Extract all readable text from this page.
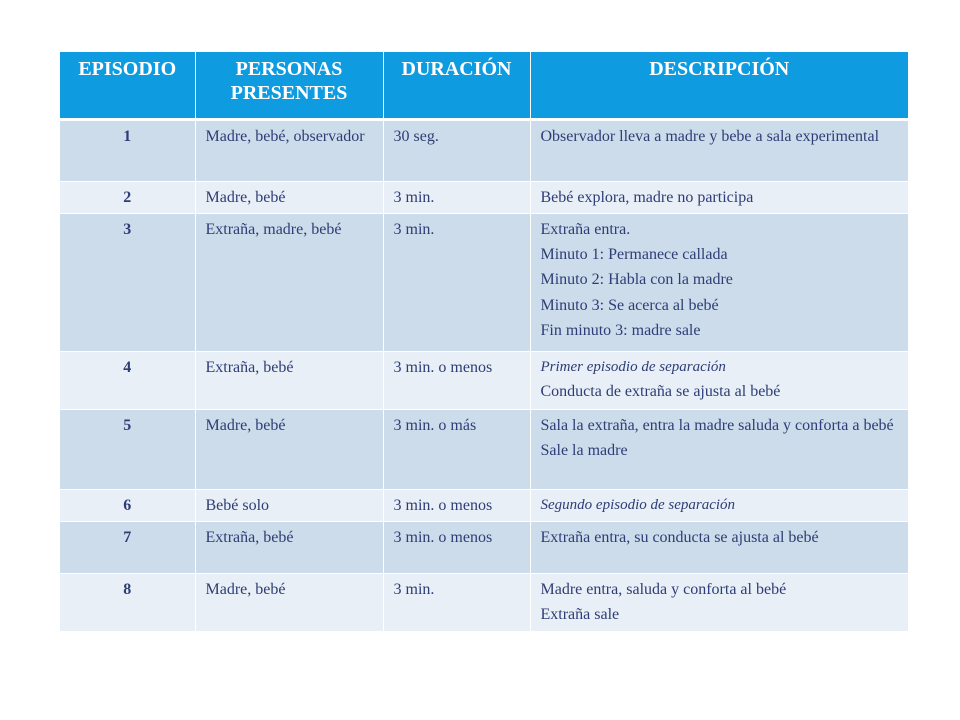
EPISODIO	PERSONAS PRESENTES	DURACIÓN	DESCRIPCIÓN
1	Madre, bebé, observador	30 seg.	Observador lleva a madre y bebe a sala experimental

2	Madre, bebé	3 min.	Bebé explora, madre no participa

3	Extraña, madre, bebé	3 min.	Extraña entra.
Minuto 1: Permanece callada
Minuto 2: Habla con la madre
Minuto 3: Se acerca al bebé
Fin minuto 3: madre sale

4	Extraña, bebé	3 min. o menos	Primer episodio de separación
Conducta de extraña se ajusta al bebé

5	Madre, bebé	3 min. o más	Sala la extraña, entra la madre saluda y conforta a bebé
Sale la madre

6	Bebé solo	3 min. o menos	Segundo episodio de separación

7	Extraña, bebé	3 min. o menos	Extraña entra, su conducta se ajusta al bebé

8	Madre, bebé	3 min.	Madre entra, saluda y conforta al bebé
Extraña sale
